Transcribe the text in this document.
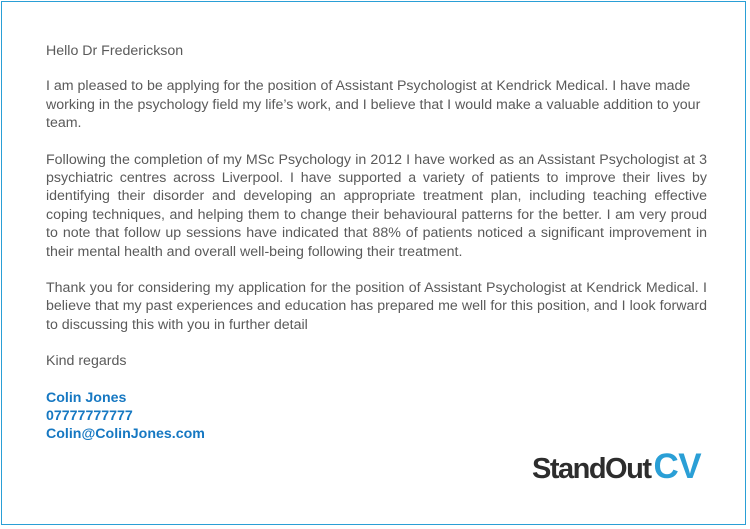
Hello Dr Frederickson

I am pleased to be applying for the position of Assistant Psychologist at Kendrick Medical. I have made working in the psychology field my life’s work, and I believe that I would make a valuable addition to your team.

Following the completion of my MSc Psychology in 2012 I have worked as an Assistant Psychologist at 3 psychiatric centres across Liverpool. I have supported a variety of patients to improve their lives by identifying their disorder and developing an appropriate treatment plan, including teaching effective coping techniques, and helping them to change their behavioural patterns for the better. I am very proud to note that follow up sessions have indicated that 88% of patients noticed a significant improvement in their mental health and overall well-being following their treatment.

Thank you for considering my application for the position of Assistant Psychologist at Kendrick Medical. I believe that my past experiences and education has prepared me well for this position, and I look forward to discussing this with you in further detail

Kind regards

Colin Jones
07777777777
Colin@ColinJones.com
StandOut CV
